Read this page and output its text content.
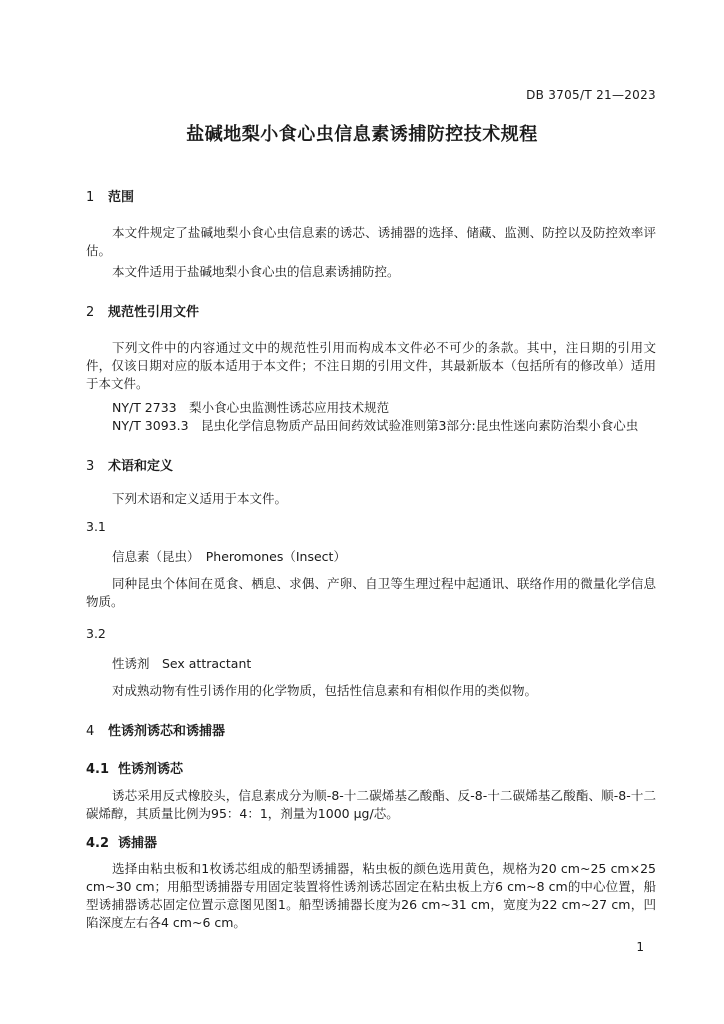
DB 3705/T 21—2023
盐碱地梨小食心虫信息素诱捕防控技术规程
1 范围
本文件规定了盐碱地梨小食心虫信息素的诱芯、诱捕器的选择、储藏、监测、防控以及防控效率评估。
本文件适用于盐碱地梨小食心虫的信息素诱捕防控。
2 规范性引用文件
下列文件中的内容通过文中的规范性引用而构成本文件必不可少的条款。其中，注日期的引用文件，仅该日期对应的版本适用于本文件；不注日期的引用文件，其最新版本（包括所有的修改单）适用于本文件。
NY/T 2733　梨小食心虫监测性诱芯应用技术规范
NY/T 3093.3　昆虫化学信息物质产品田间药效试验准则第3部分:昆虫性迷向素防治梨小食心虫
3 术语和定义
下列术语和定义适用于本文件。
3.1
信息素（昆虫）　Pheromones（Insect）
同种昆虫个体间在觅食、栖息、求偶、产卵、自卫等生理过程中起通讯、联络作用的微量化学信息物质。
3.2
性诱剂　Sex attractant
对成熟动物有性引诱作用的化学物质，包括性信息素和有相似作用的类似物。
4 性诱剂诱芯和诱捕器
4.1 性诱剂诱芯
诱芯采用反式橡胶头，信息素成分为顺-8-十二碳烯基乙酸酯、反-8-十二碳烯基乙酸酯、顺-8-十二碳烯醇，其质量比例为95：4：1，剂量为1000 μg/芯。
4.2 诱捕器
选择由粘虫板和1枚诱芯组成的船型诱捕器，粘虫板的颜色选用黄色，规格为20 cm~25 cm×25 cm~30 cm；用船型诱捕器专用固定装置将性诱剂诱芯固定在粘虫板上方6 cm~8 cm的中心位置，船型诱捕器诱芯固定位置示意图见图1。船型诱捕器长度为26 cm~31 cm，宽度为22 cm~27 cm，凹陷深度左右各4 cm~6 cm。
1
